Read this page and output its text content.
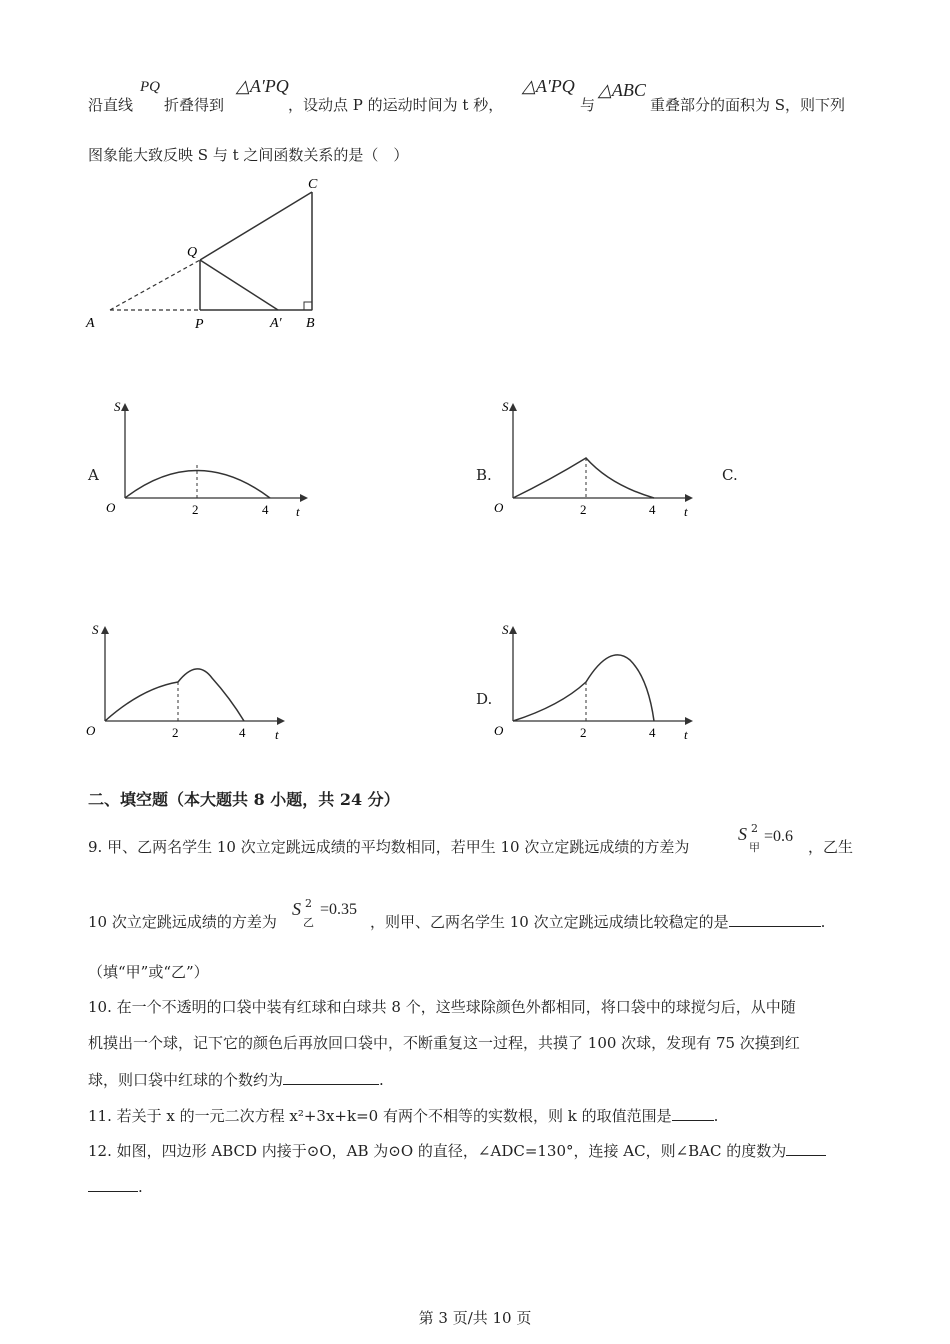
沿直线
PQ
折叠得到
△A′PQ
，设动点 P 的运动时间为 t 秒，
△A′PQ
与
△ABC
重叠部分的面积为 S，则下列
图象能大致反映 S 与 t 之间函数关系的是（　）
A	P	A′ B
Q
C
A
S
t
O	2	4
B.
S
t
O	2	4
C.
S
t
O	2	4
D.
S
t
O	2	4
二、填空题（本大题共 8 小题，共 24 分）
9. 甲、乙两名学生 10 次立定跳远成绩的平均数相同，若甲生 10 次立定跳远成绩的方差为
S 2
甲
=0.6
，乙生
10 次立定跳远成绩的方差为
S 2
乙
=0.35
，则甲、乙两名学生 10 次立定跳远成绩比较稳定的是	.
（填“甲”或“乙”）
10. 在一个不透明的口袋中装有红球和白球共 8 个，这些球除颜色外都相同，将口袋中的球搅匀后，从中随
机摸出一个球，记下它的颜色后再放回口袋中，不断重复这一过程，共摸了 100 次球，发现有 75 次摸到红
球，则口袋中红球的个数约为	.
11. 若关于 x 的一元二次方程 x²+3x+k=0 有两个不相等的实数根，则 k 的取值范围是	.
12. 如图，四边形 ABCD 内接于⊙O，AB 为⊙O 的直径，∠ADC=130°，连接 AC，则∠BAC 的度数为
.
第 3 页/共 10 页
